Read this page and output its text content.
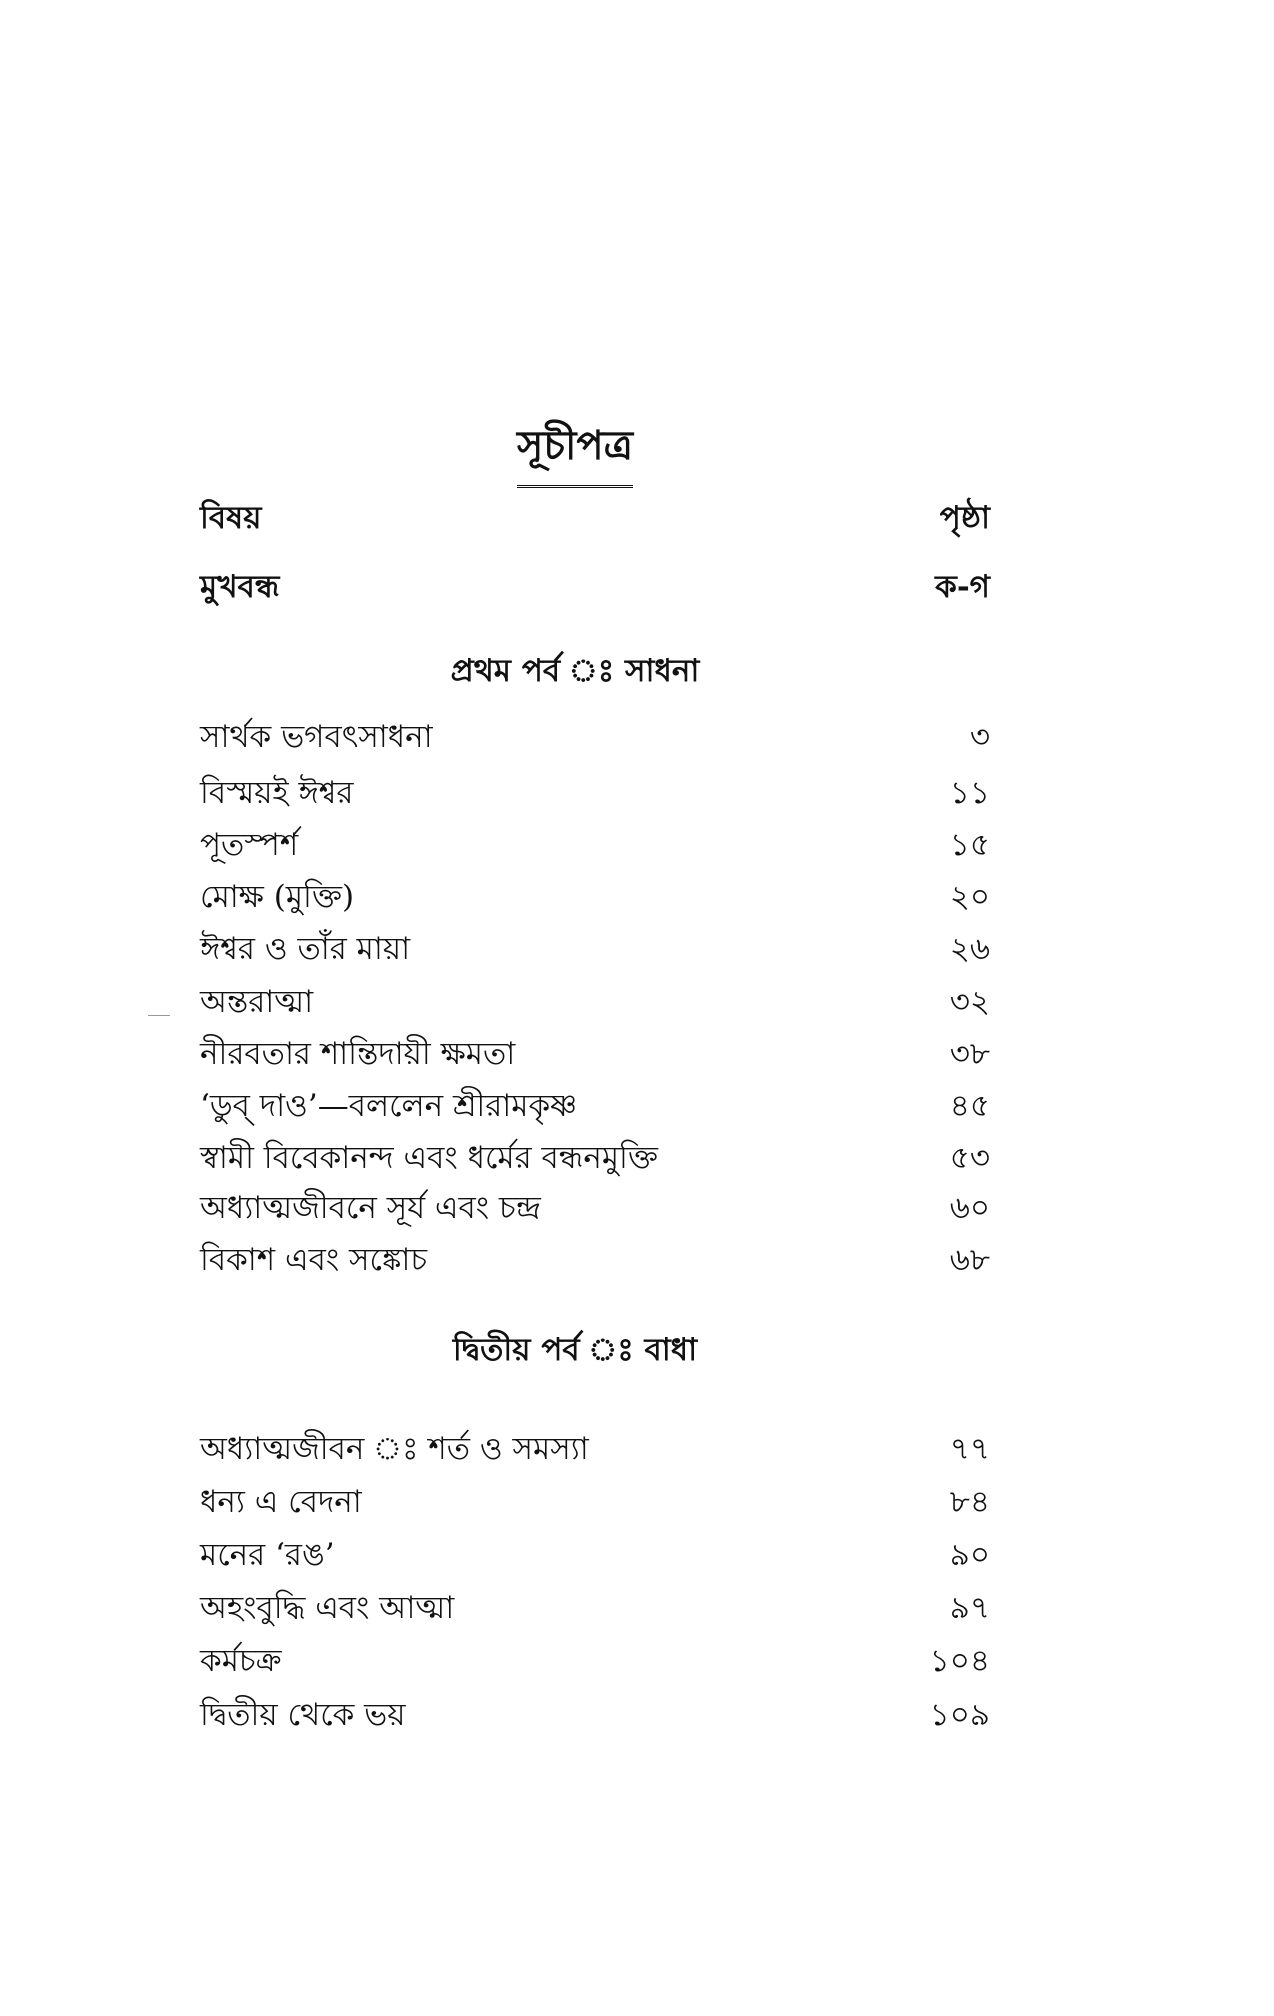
সূচীপত্র
বিষয়	পৃষ্ঠা
মুখবন্ধ	ক-গ
প্রথম পর্ব ঃ সাধনা
সার্থক ভগবৎসাধনা	৩
বিস্ময়ই ঈশ্বর	১১
পূতস্পর্শ	১৫
মোক্ষ (মুক্তি)	২০
ঈশ্বর ও তাঁর মায়া	২৬
অন্তরাত্মা	৩২
নীরবতার শান্তিদায়ী ক্ষমতা	৩৮
‘ডুব্ দাও’—বললেন শ্রীরামকৃষ্ণ	৪৫
স্বামী বিবেকানন্দ এবং ধর্মের বন্ধনমুক্তি	৫৩
অধ্যাত্মজীবনে সূর্য এবং চন্দ্র	৬০
বিকাশ এবং সঙ্কোচ	৬৮
দ্বিতীয় পর্ব ঃ বাধা
অধ্যাত্মজীবন ঃ শর্ত ও সমস্যা	৭৭
ধন্য এ বেদনা	৮৪
মনের ‘রঙ’	৯০
অহংবুদ্ধি এবং আত্মা	৯৭
কর্মচক্র	১০৪
দ্বিতীয় থেকে ভয়	১০৯
